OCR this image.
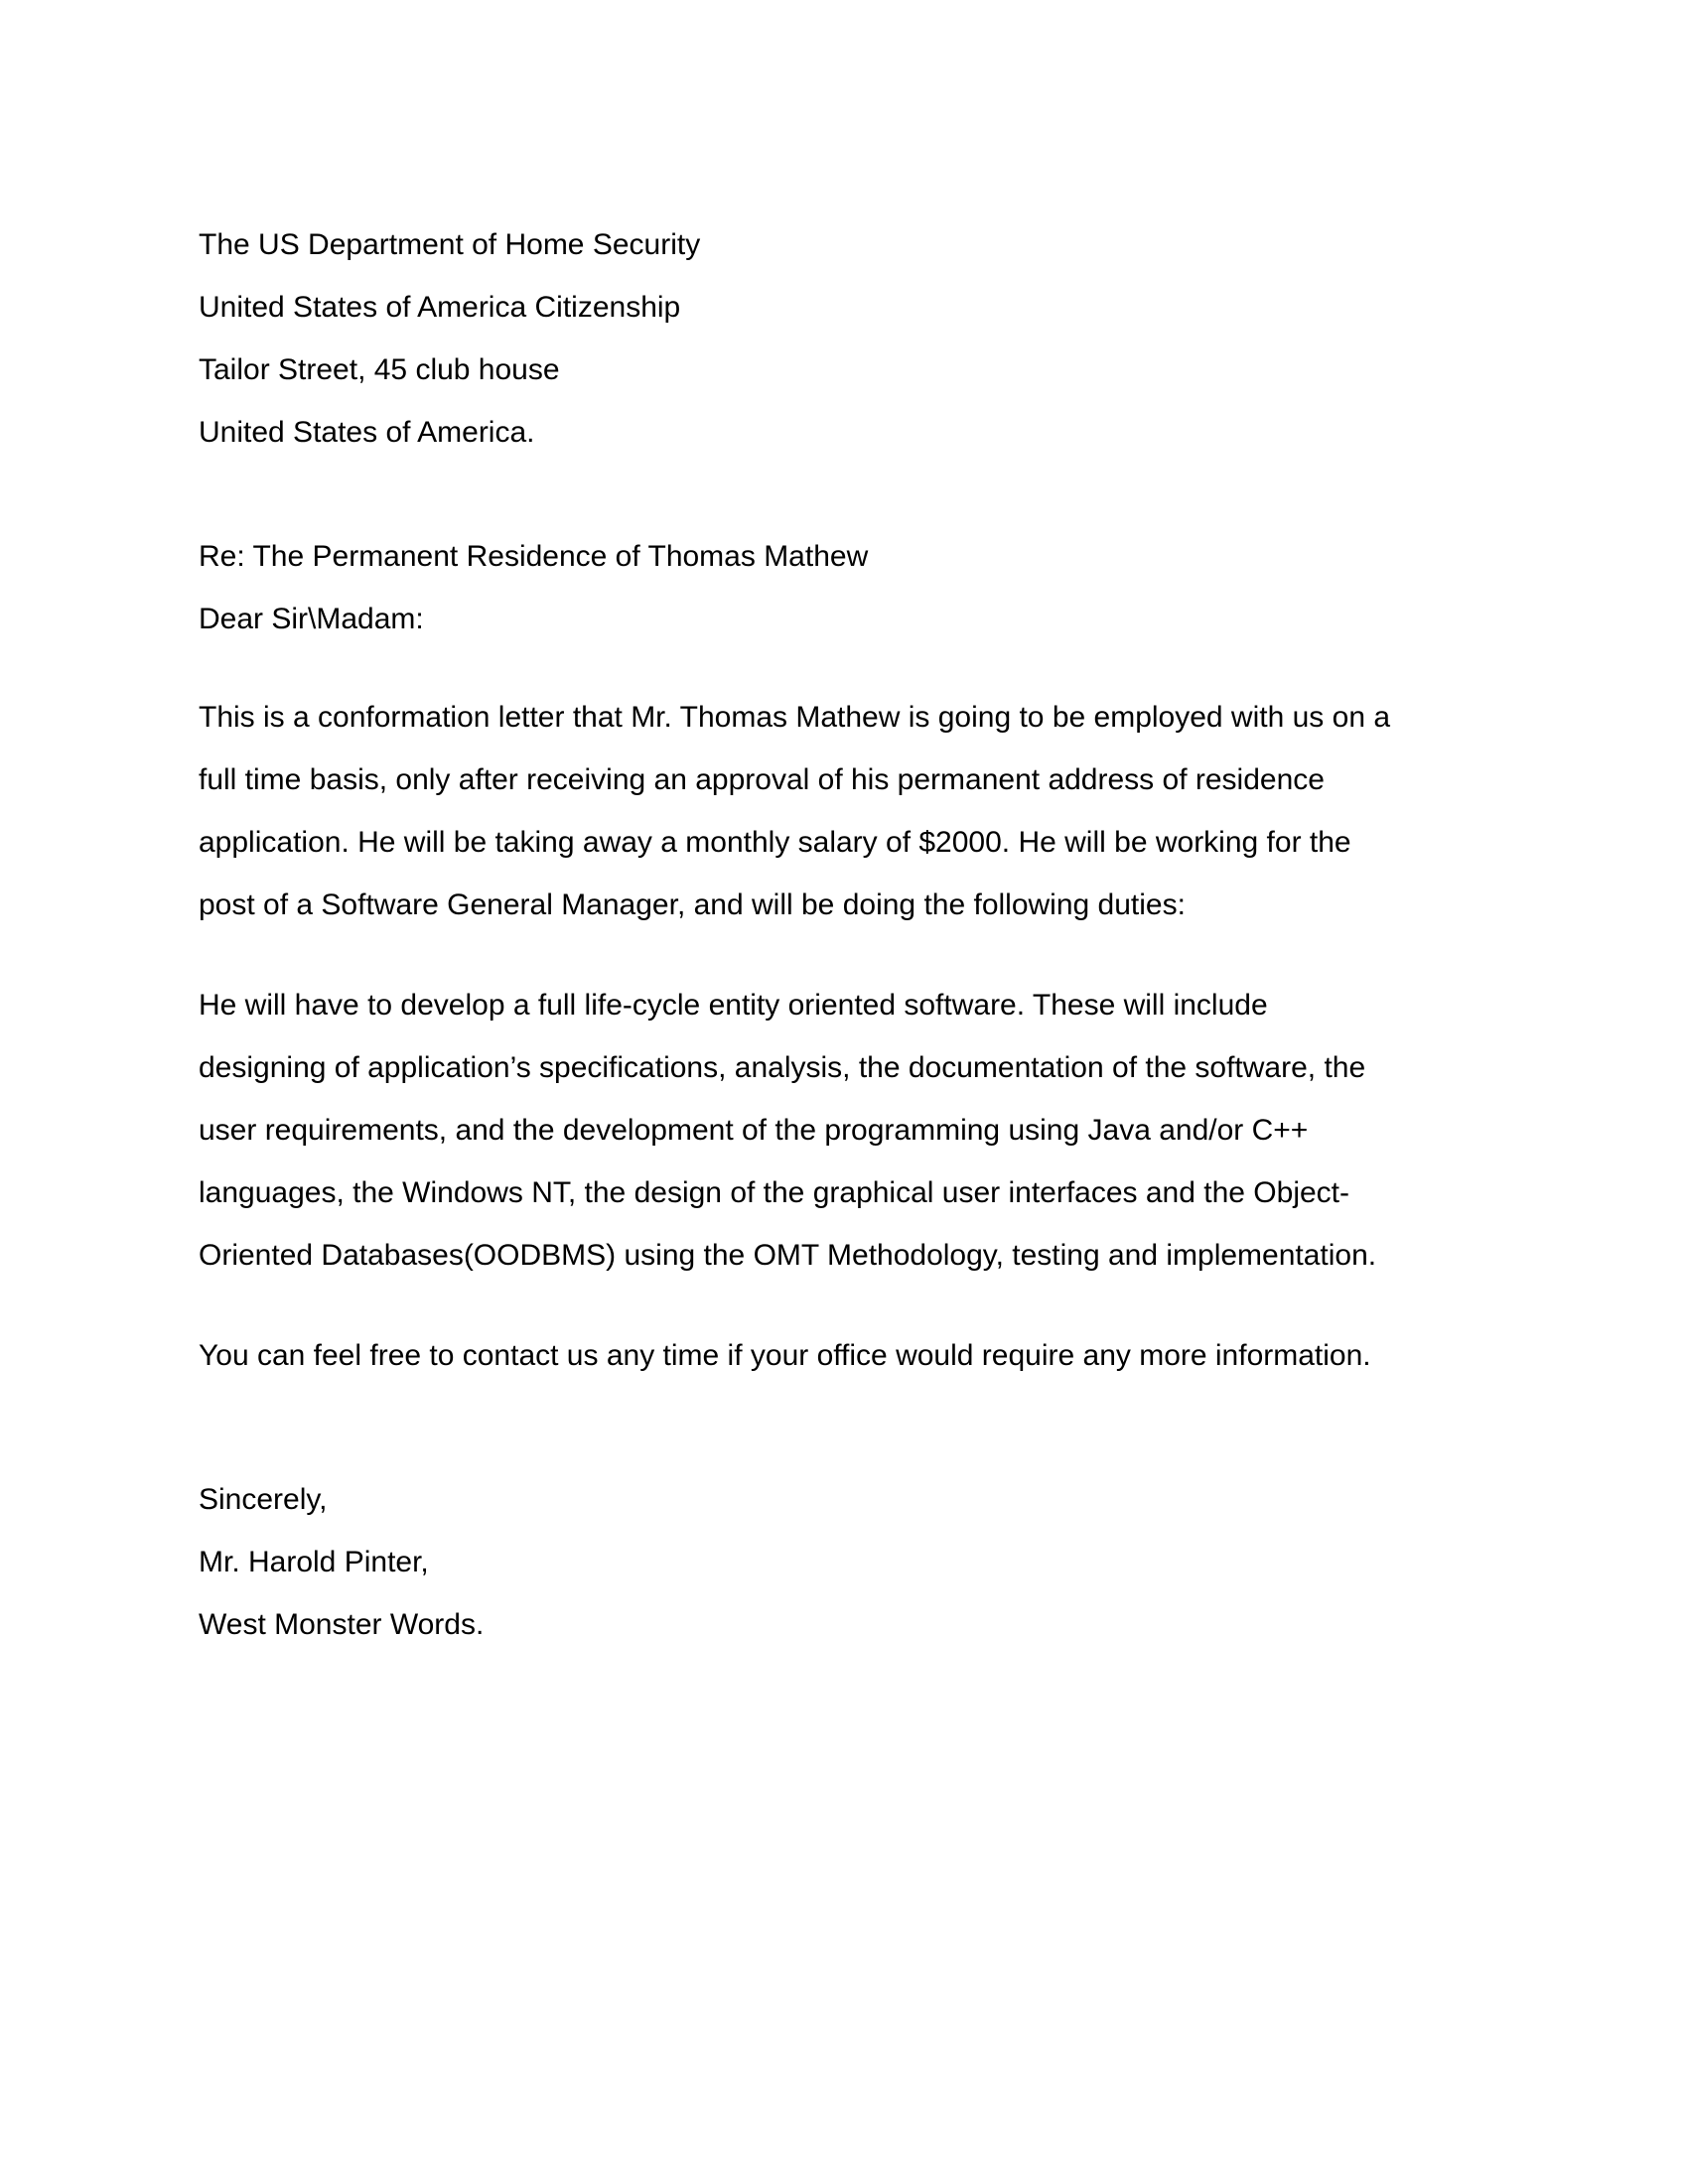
The US Department of Home Security

United States of America Citizenship

Tailor Street, 45 club house

United States of America.

Re: The Permanent Residence of Thomas Mathew

Dear Sir\Madam:

This is a conformation letter that Mr. Thomas Mathew is going to be employed with us on a full time basis, only after receiving an approval of his permanent address of residence application. He will be taking away a monthly salary of $2000. He will be working for the post of a Software General Manager, and will be doing the following duties:

He will have to develop a full life-cycle entity oriented software. These will include designing of application’s specifications, analysis, the documentation of the software, the user requirements, and the development of the programming using Java and/or C++ languages, the Windows NT, the design of the graphical user interfaces and the Object-Oriented Databases(OODBMS) using the OMT Methodology, testing and implementation.

You can feel free to contact us any time if your office would require any more information.

Sincerely,

Mr. Harold Pinter,

West Monster Words.
